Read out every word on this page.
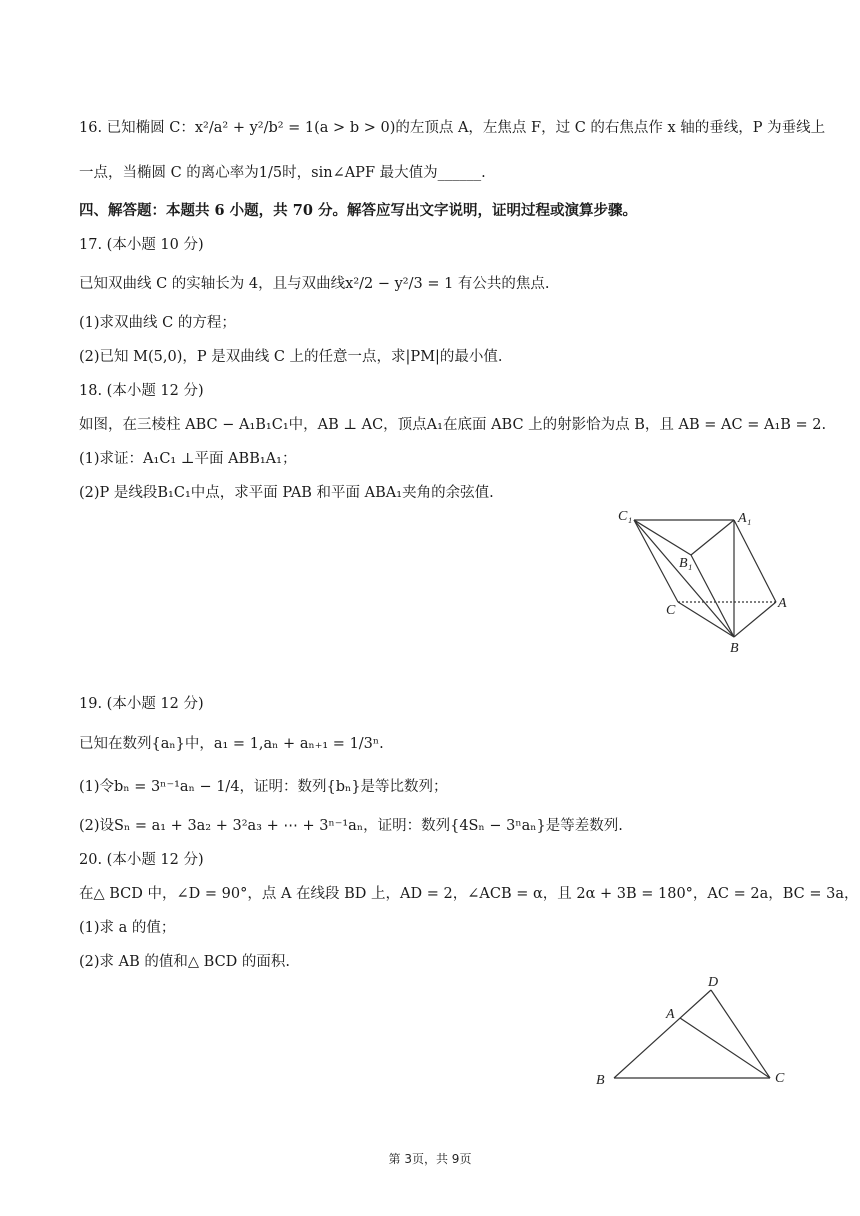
16. 已知椭圆 C：x²/a² + y²/b² = 1(a > b > 0)的左顶点 A，左焦点 F，过 C 的右焦点作 x 轴的垂线，P 为垂线上
一点，当椭圆 C 的离心率为1/5时，sin∠APF 最大值为______.
四、解答题：本题共 6 小题，共 70 分。解答应写出文字说明，证明过程或演算步骤。
17. (本小题 10 分)
已知双曲线 C 的实轴长为 4，且与双曲线x²/2 − y²/3 = 1 有公共的焦点.
(1)求双曲线 C 的方程；
(2)已知 M(5,0)，P 是双曲线 C 上的任意一点，求|PM|的最小值.
18. (本小题 12 分)
如图，在三棱柱 ABC − A₁B₁C₁中，AB ⊥ AC，顶点A₁在底面 ABC 上的射影恰为点 B，且 AB = AC = A₁B = 2.
(1)求证：A₁C₁ ⊥平面 ABB₁A₁；
(2)P 是线段B₁C₁中点，求平面 PAB 和平面 ABA₁夹角的余弦值.
C₁	A₁
B₁
C	A
B
19. (本小题 12 分)
已知在数列{aₙ}中，a₁ = 1,aₙ + aₙ₊₁ = 1/3ⁿ.
(1)令bₙ = 3ⁿ⁻¹aₙ − 1/4，证明：数列{bₙ}是等比数列；
(2)设Sₙ = a₁ + 3a₂ + 3²a₃ + ⋯ + 3ⁿ⁻¹aₙ，证明：数列{4Sₙ − 3ⁿaₙ}是等差数列.
20. (本小题 12 分)
在△ BCD 中，∠D = 90°，点 A 在线段 BD 上，AD = 2，∠ACB = α，且 2α + 3B = 180°，AC = 2a，BC = 3a，
(1)求 a 的值；
(2)求 AB 的值和△ BCD 的面积.
D
A
B	C
第 3页，共 9页
